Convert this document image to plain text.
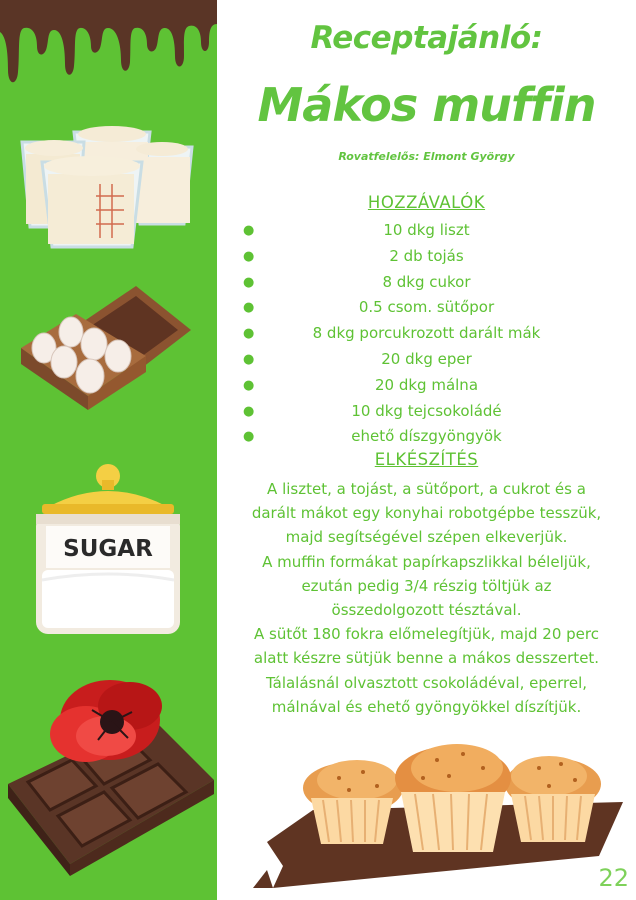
SUGAR
Receptajánló:
Mákos muffin
Rovatfelelős: Elmont György
HOZZÁVALÓK
●	10 dkg liszt
●	2 db tojás
●	8 dkg cukor
●	0.5 csom. sütőpor
●	8 dkg porcukrozott darált mák
●	20 dkg eper
●	20 dkg málna
●	10 dkg tejcsokoládé
●	ehető díszgyöngyök
ELKÉSZÍTÉS

A lisztet, a tojást, a sütőport, a cukrot és a

darált mákot egy konyhai robotgépbe tesszük,

majd segítségével szépen elkeverjük.

A muffin formákat papírkapszlikkal béleljük,

ezután pedig 3/4 részig töltjük az

összedolgozott tésztával.

A sütőt 180 fokra előmelegítjük, majd 20 perc

alatt készre sütjük benne a mákos desszertet.

Tálalásnál olvasztott csokoládéval, eperrel,

málnával és ehető gyöngyökkel díszítjük.

22
